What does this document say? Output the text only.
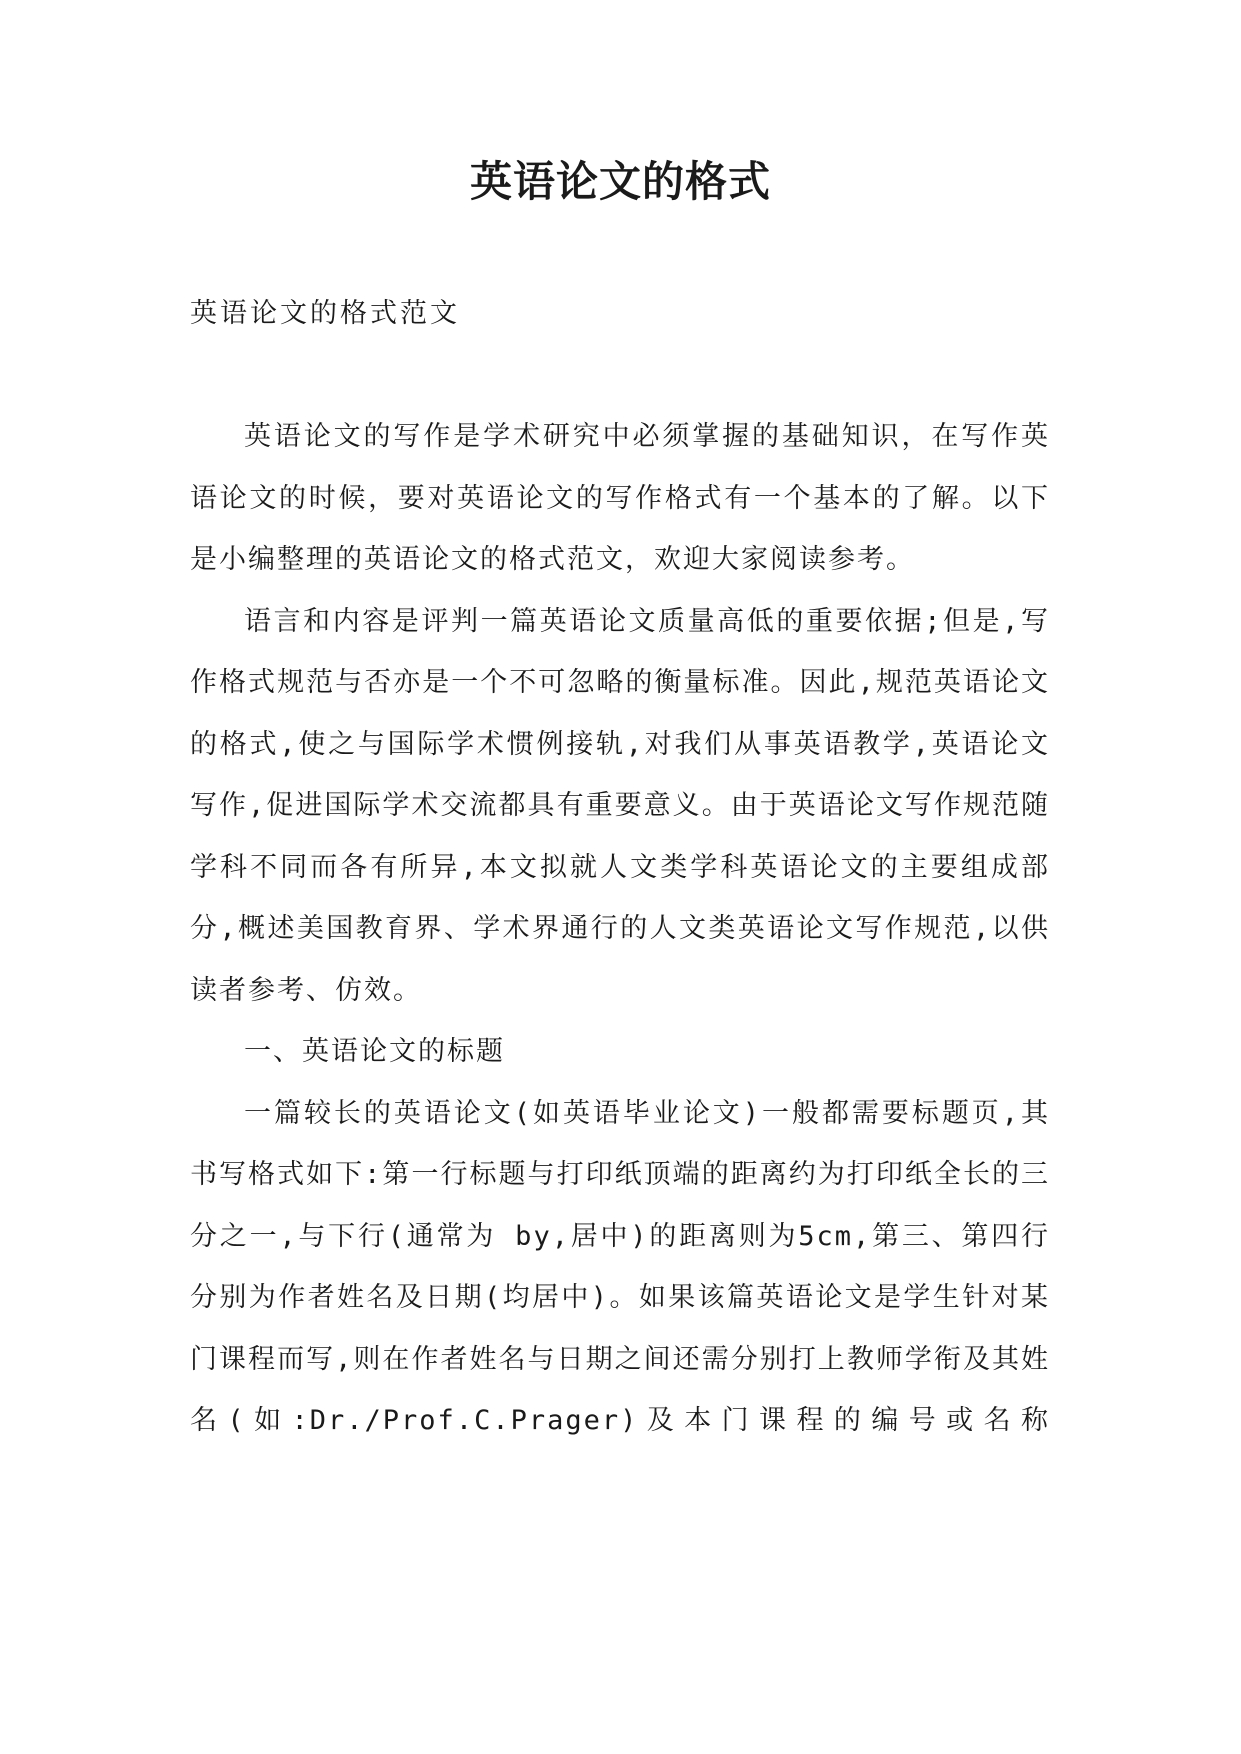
英语论文的格式
英语论文的格式范文

英语论文的写作是学术研究中必须掌握的基础知识，在写作英语论文的时候，要对英语论文的写作格式有一个基本的了解。以下是小编整理的英语论文的格式范文，欢迎大家阅读参考。

语言和内容是评判一篇英语论文质量高低的重要依据;但是,写作格式规范与否亦是一个不可忽略的衡量标准。因此,规范英语论文的格式,使之与国际学术惯例接轨,对我们从事英语教学,英语论文写作,促进国际学术交流都具有重要意义。由于英语论文写作规范随学科不同而各有所异,本文拟就人文类学科英语论文的主要组成部分,概述美国教育界、学术界通行的人文类英语论文写作规范,以供读者参考、仿效。

一、英语论文的标题

一篇较长的英语论文(如英语毕业论文)一般都需要标题页,其书写格式如下:第一行标题与打印纸顶端的距离约为打印纸全长的三分之一,与下行(通常为 by,居中)的距离则为5cm,第三、第四行分别为作者姓名及日期(均居中)。如果该篇英语论文是学生针对某门课程而写,则在作者姓名与日期之间还需分别打上教师学衔及其姓名(如:Dr./Prof.C.Prager)及本门课程的编号或名称
